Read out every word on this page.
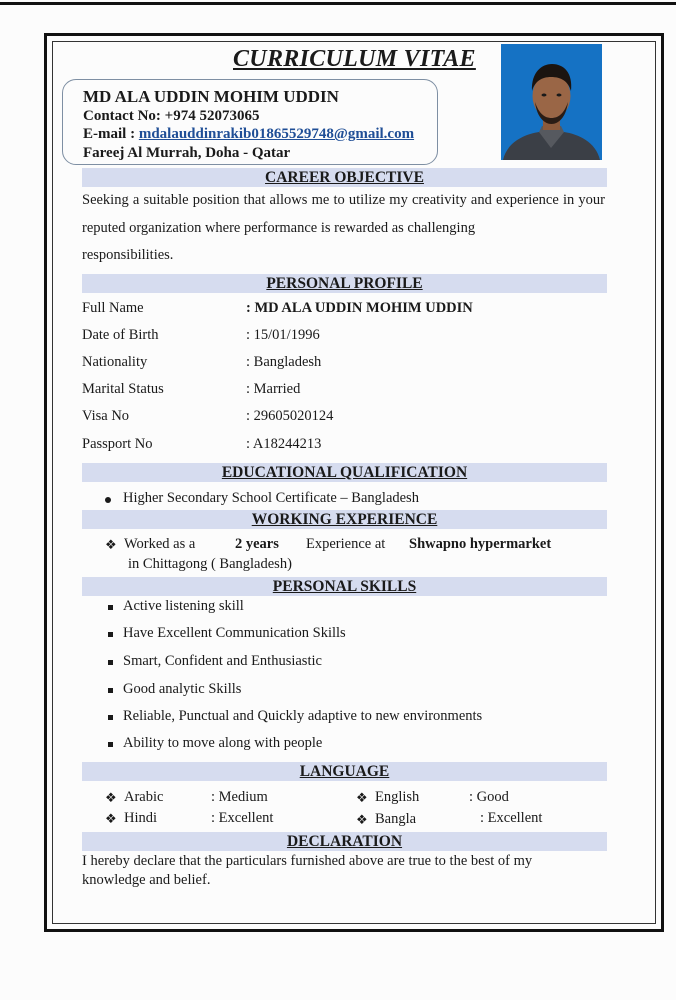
CURRICULUM VITAE
MD ALA UDDIN MOHIM UDDIN
Contact No: +974 52073065
E-mail : mdalauddinrakib01865529748@gmail.com
Fareej Al Murrah, Doha - Qatar
CAREER OBJECTIVE
Seeking a suitable position that allows me to utilize my creativity and experience in your reputed organization where performance is rewarded as challenging
responsibilities.
PERSONAL PROFILE
Full Name	: MD ALA UDDIN MOHIM UDDIN
Date of Birth	: 15/01/1996
Nationality	: Bangladesh
Marital Status	: Married
Visa No	: 29605020124
Passport No	: A18244213
EDUCATIONAL QUALIFICATION
Higher Secondary School Certificate – Bangladesh
WORKING EXPERIENCE
❖ Worked as a	2 years Experience at Shwapno hypermarket
in Chittagong ( Bangladesh)
PERSONAL SKILLS
Active listening skill
Have Excellent Communication Skills
Smart, Confident and Enthusiastic
Good analytic Skills
Reliable, Punctual and Quickly adaptive to new environments
Ability to move along with people
LANGUAGE
❖ Arabic	: Medium	❖ English	: Good
❖ Hindi	: Excellent	❖ Bangla	: Excellent
DECLARATION
I hereby declare that the particulars furnished above are true to the best of my
knowledge and belief.
